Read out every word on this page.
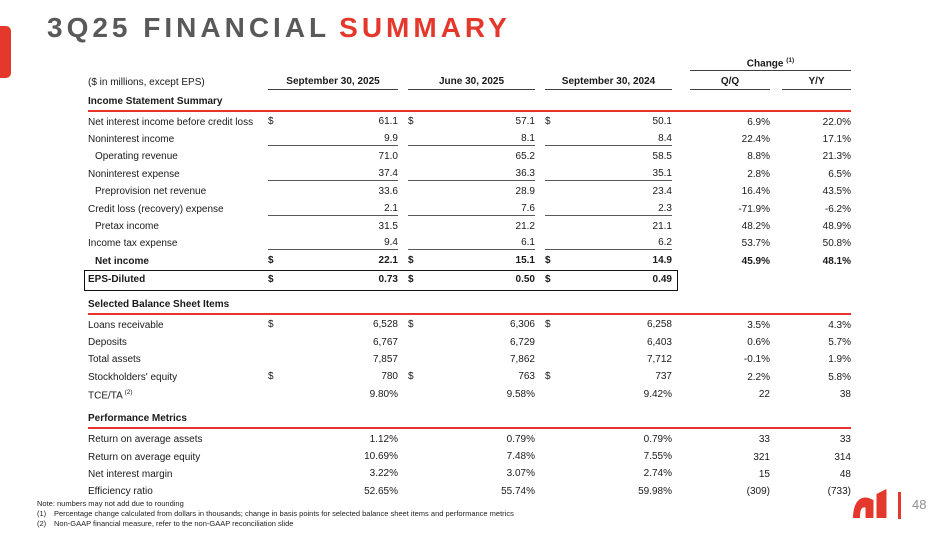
3Q25 FINANCIAL SUMMARY
Change $^{(1)}$
($ in millions, except EPS)	September 30, 2025	June 30, 2025	September 30, 2024	Q/Q	Y/Y
Income Statement Summary
Net interest income before credit loss	$	61.1 $	57.1 $	50.1	6.9%	22.0%
Noninterest income	9.9	8.1	8.4	22.4%	17.1%
Operating revenue	71.0	65.2	58.5	8.8%	21.3%
Noninterest expense	37.4	36.3	35.1	2.8%	6.5%
Preprovision net revenue	33.6	28.9	23.4	16.4%	43.5%
Credit loss (recovery) expense	2.1	7.6	2.3	-71.9%	-6.2%
Pretax income	31.5	21.2	21.1	48.2%	48.9%
Income tax expense	9.4	6.1	6.2	53.7%	50.8%
Net income	$	22.1 $	15.1 $	14.9	45.9%	48.1%
EPS-Diluted	$	0.73 $	0.50 $	0.49
Selected Balance Sheet Items
Loans receivable	$	6,528 $	6,306 $	6,258	3.5%	4.3%
Deposits	6,767	6,729	6,403	0.6%	5.7%
Total assets	7,857	7,862	7,712	-0.1%	1.9%
Stockholders' equity	$	780 $	763 $	737	2.2%	5.8%
TCE/TA $^{(2)}$	9.80%	9.58%	9.42%	22	38
Performance Metrics
Return on average assets	1.12%	0.79%	0.79%	33	33
Return on average equity	10.69%	7.48%	7.55%	321	314
Net interest margin	3.22%	3.07%	2.74%	15	48
Efficiency ratio	52.65%	55.74%	59.98%	(309)	(733)
Note: numbers may not add due to rounding
(1)	Percentage change calculated from dollars in thousands; change in basis points for selected balance sheet items and performance metrics
(2)	Non-GAAP financial measure, refer to the non-GAAP reconciliation slide
48
